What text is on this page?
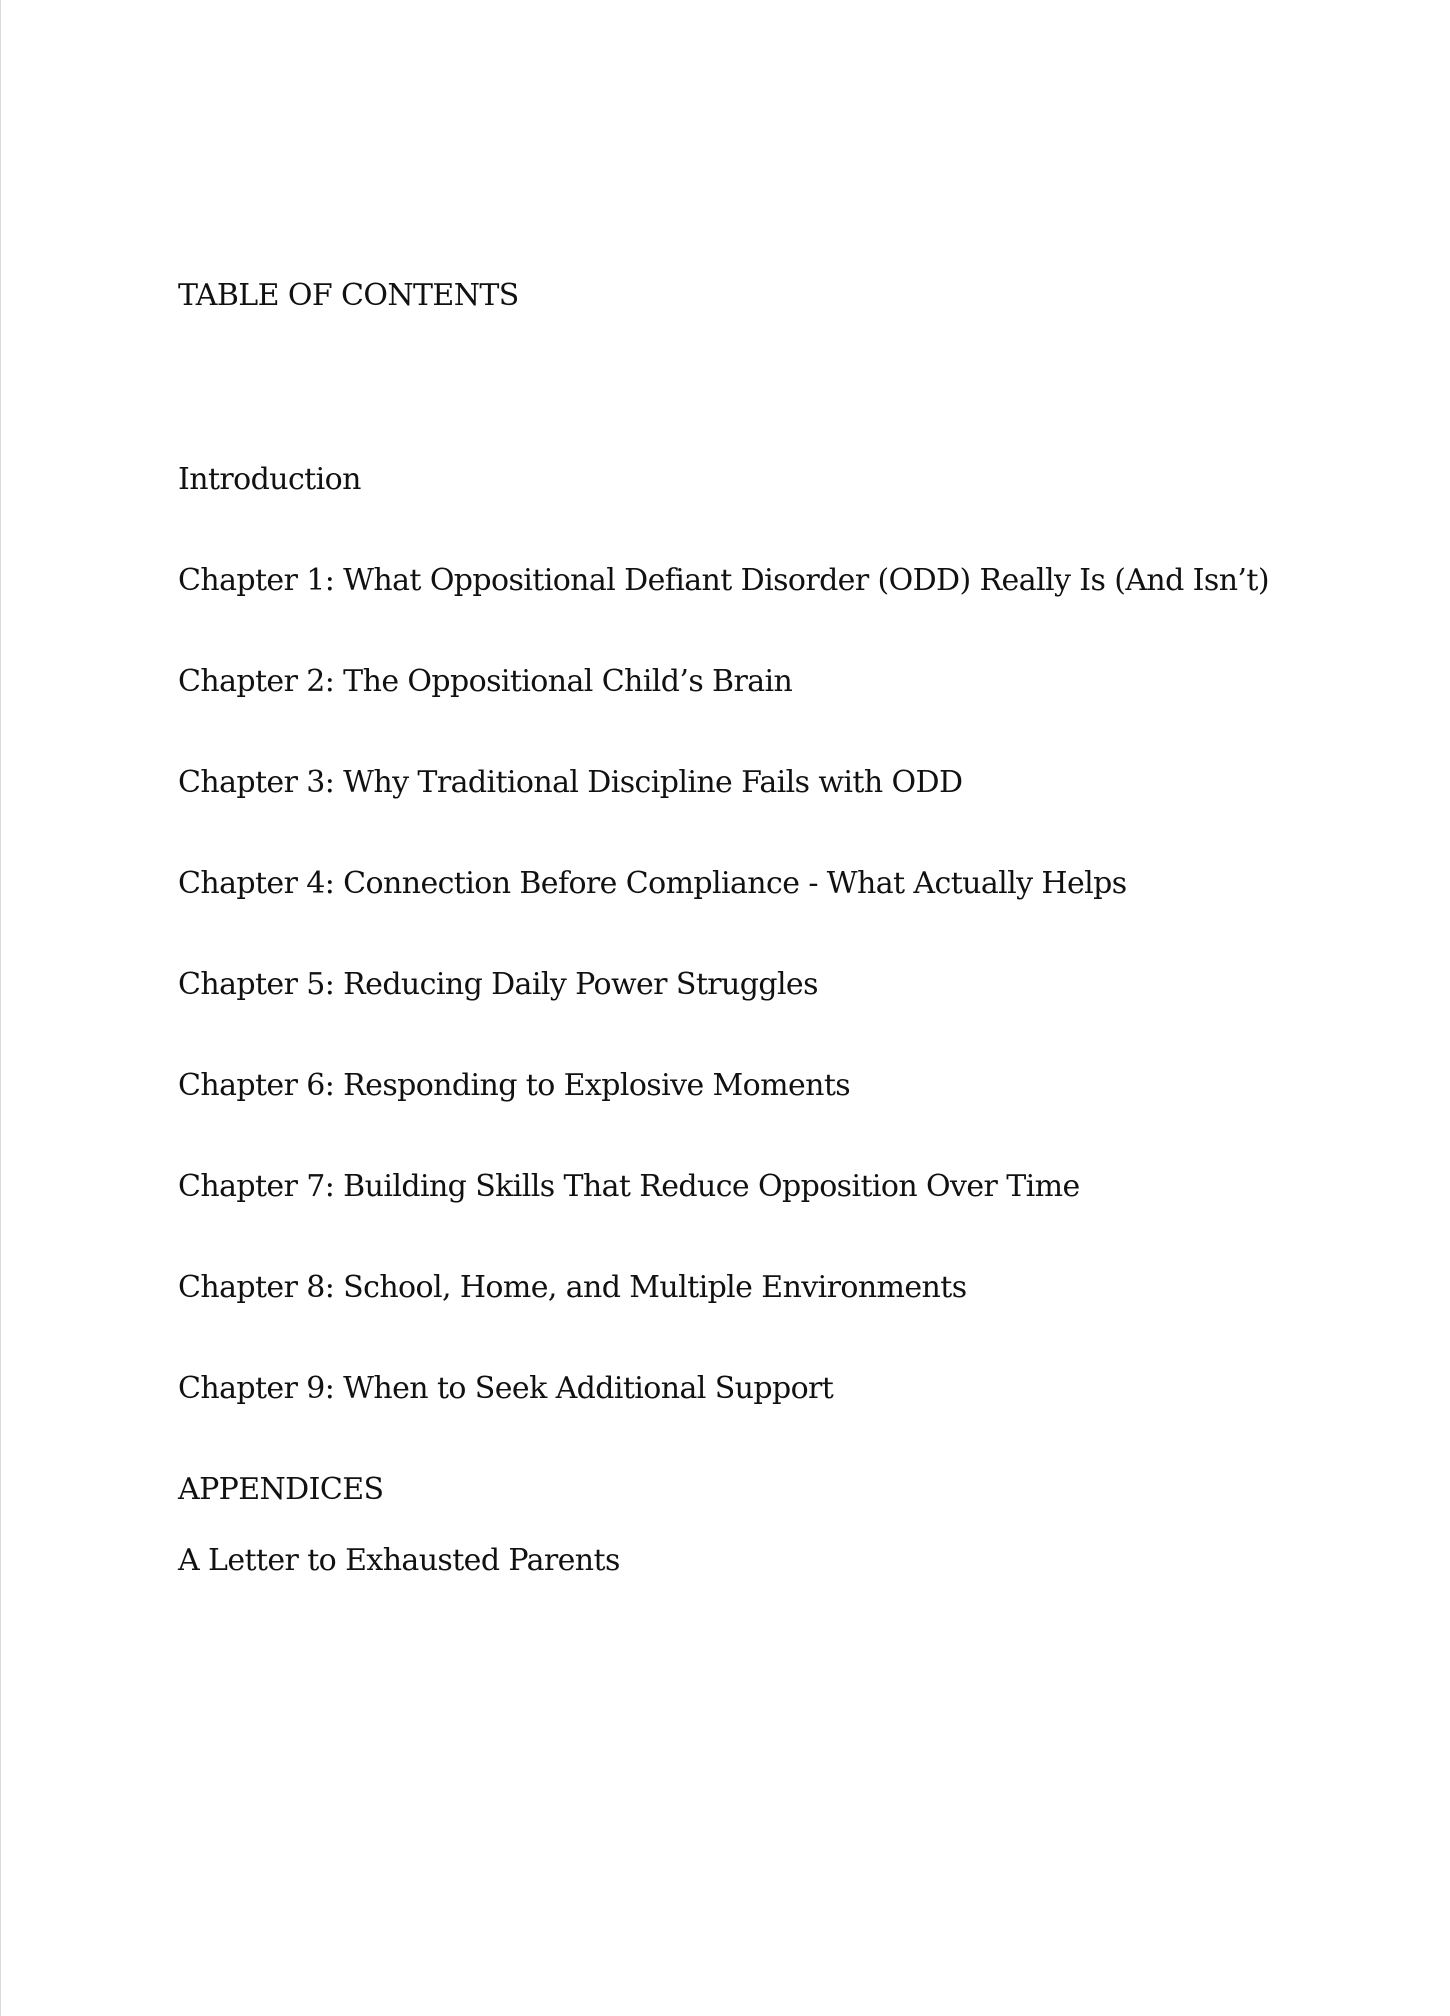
TABLE OF CONTENTS
Introduction
Chapter 1: What Oppositional Defiant Disorder (ODD) Really Is (And Isn’t)
Chapter 2: The Oppositional Child’s Brain
Chapter 3: Why Traditional Discipline Fails with ODD
Chapter 4: Connection Before Compliance - What Actually Helps
Chapter 5: Reducing Daily Power Struggles
Chapter 6: Responding to Explosive Moments
Chapter 7: Building Skills That Reduce Opposition Over Time
Chapter 8: School, Home, and Multiple Environments
Chapter 9: When to Seek Additional Support
APPENDICES
A Letter to Exhausted Parents
